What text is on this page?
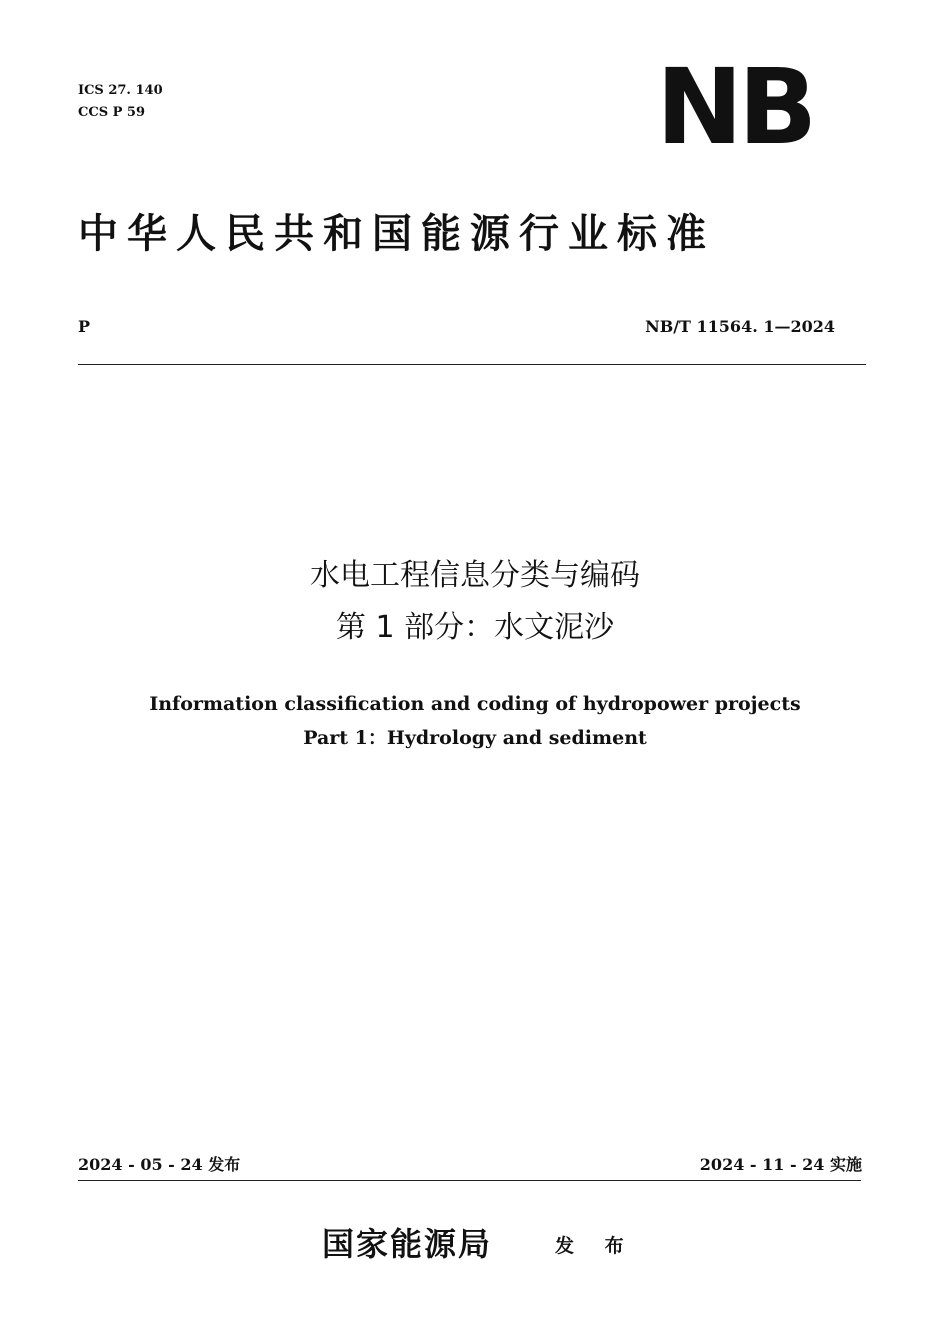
ICS 27. 140
CCS P 59	NB
中华人民共和国能源行业标准
P	NB/T 11564. 1—2024
水电工程信息分类与编码
第 1 部分：水文泥沙
Information classification and coding of hydropower projects
Part 1：Hydrology and sediment
2024 - 05 - 24 发布	2024 - 11 - 24 实施
国家能源局	发 布
